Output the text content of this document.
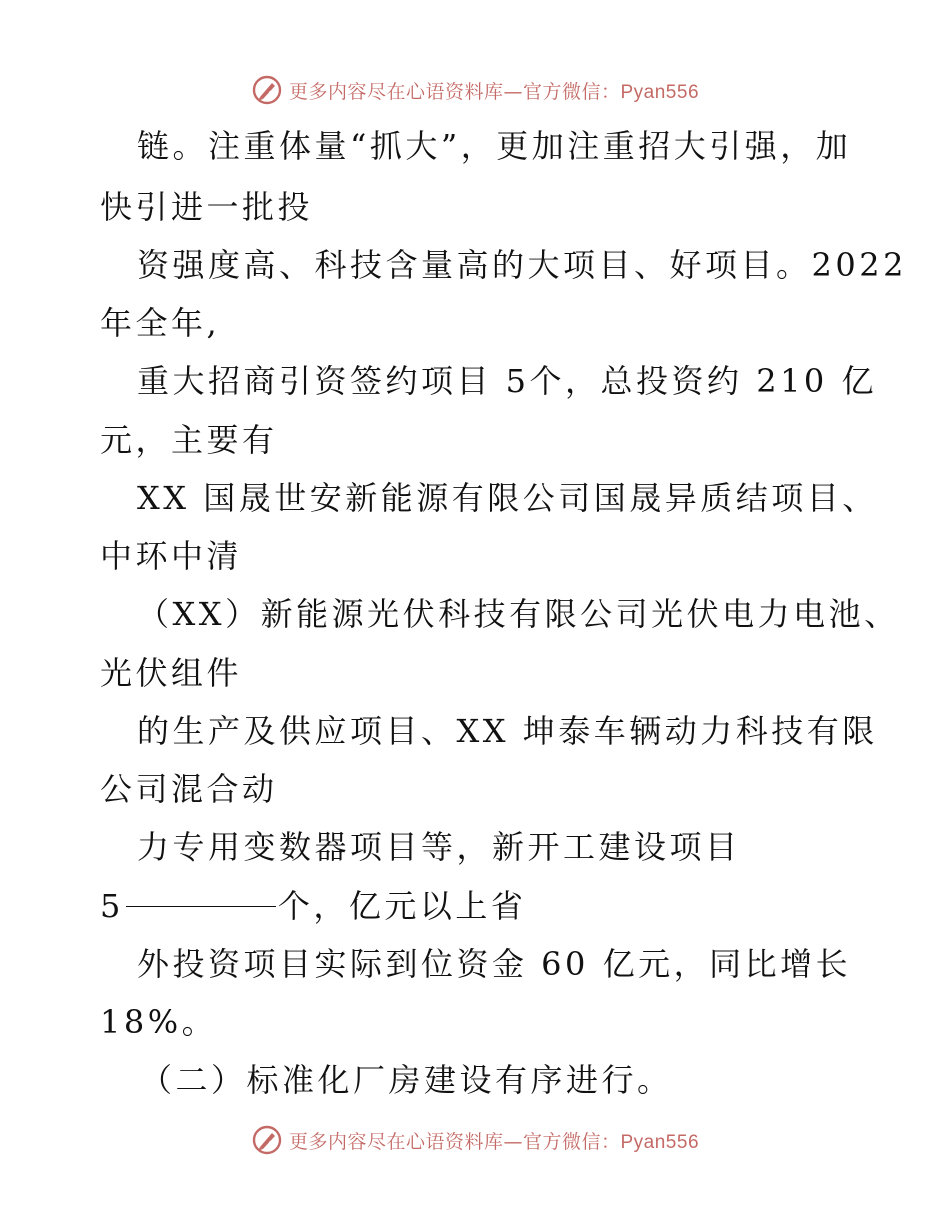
更多内容尽在心语资料库—官方微信：Pyan556
链。注重体量“抓大”，更加注重招大引强，加
快引进一批投
资强度高、科技含量高的大项目、好项目。2022
年全年,
重大招商引资签约项目 5个，总投资约 210 亿
元，主要有
XX 国晟世安新能源有限公司国晟异质结项目、
中环中清
（XX）新能源光伏科技有限公司光伏电力电池、
光伏组件
的生产及供应项目、XX 坤泰车辆动力科技有限
公司混合动
力专用变数器项目等，新开工建设项目
5	个，亿元以上省
外投资项目实际到位资金 60 亿元，同比增长
18%。
（二）标准化厂房建设有序进行。
更多内容尽在心语资料库—官方微信：Pyan556
